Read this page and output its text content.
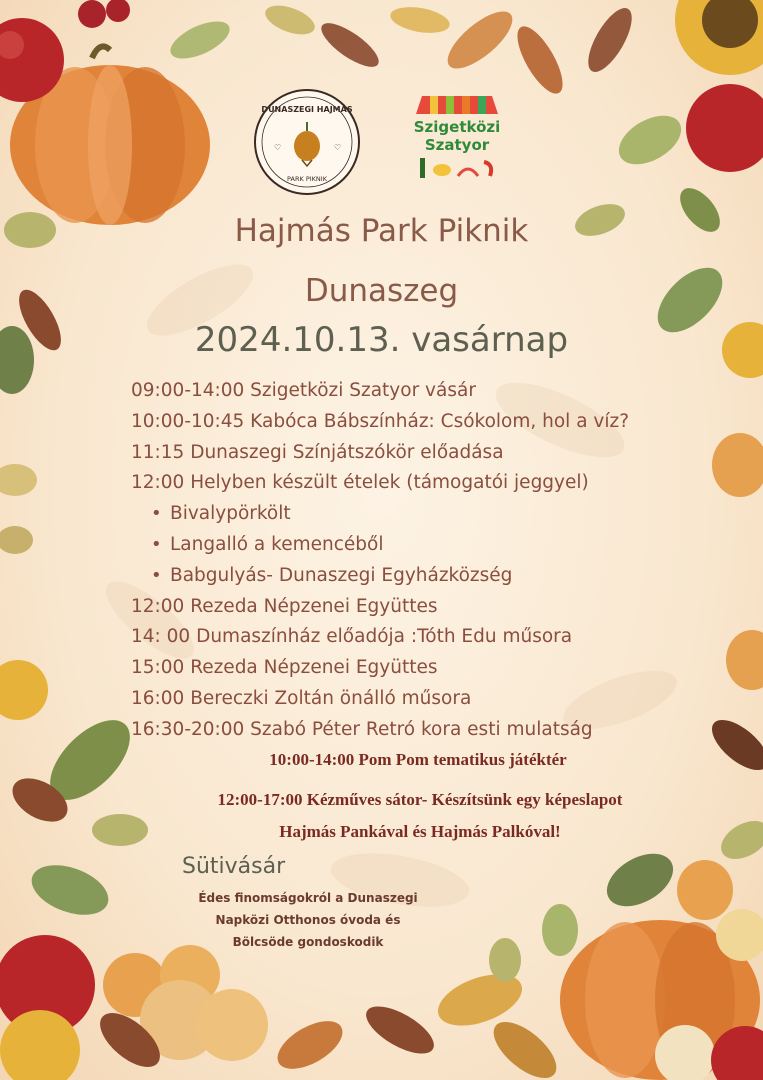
DUNASZEGI HAJMÁS
♡	♡
PARK PIKNIK
Szigetközi
Szatyor
Hajmás Park Piknik
Dunaszeg
2024.10.13. vasárnap
09:00-14:00 Szigetközi Szatyor vásár
10:00-10:45 Kabóca Bábszínház: Csókolom, hol a víz?
11:15 Dunaszegi Színjátszókör előadása
12:00 Helyben készült ételek (támogatói jeggyel)
• Bivalypörkölt
• Langalló a kemencéből
• Babgulyás- Dunaszegi Egyházközség
12:00 Rezeda Népzenei Együttes
14: 00 Dumaszínház előadója :Tóth Edu műsora
15:00 Rezeda Népzenei Együttes
16:00 Bereczki Zoltán önálló műsora
16:30-20:00 Szabó Péter Retró kora esti mulatság
10:00-14:00 Pom Pom tematikus játéktér
12:00-17:00 Kézműves sátor- Készítsünk egy képeslapot
Hajmás Pankával és Hajmás Palkóval!
Sütivásár
Édes finomságokról a Dunaszegi
Napközi Otthonos óvoda és
Bölcsöde gondoskodik
